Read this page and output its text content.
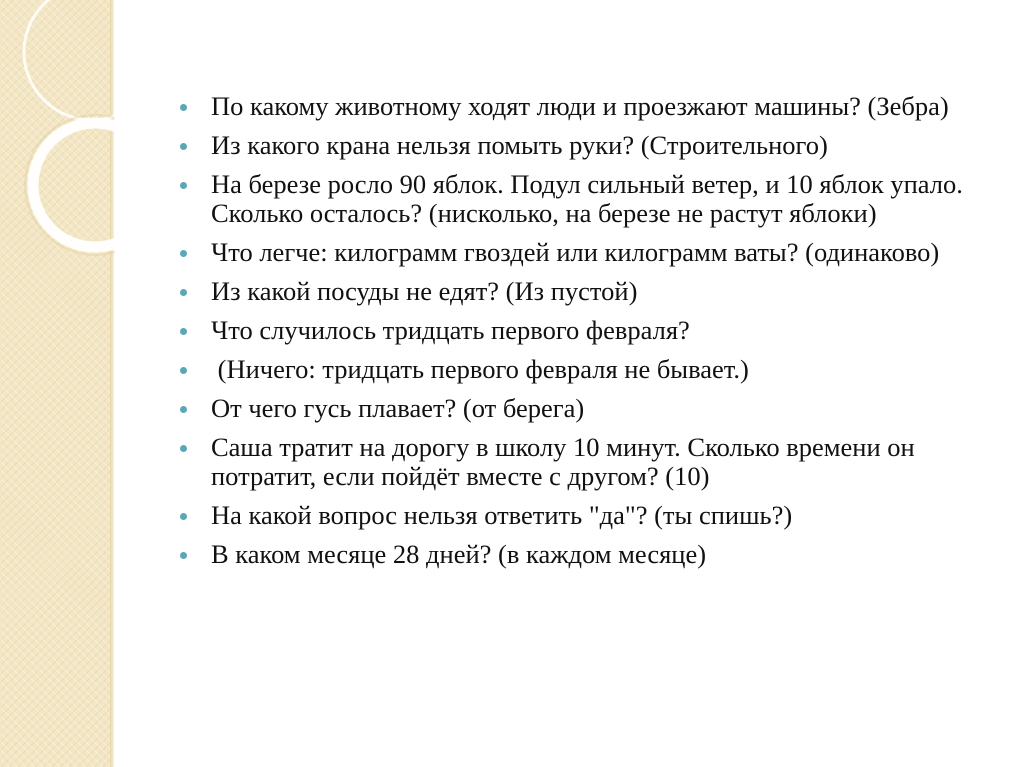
По какому животному ходят люди и проезжают машины? (Зебра)
Из какого крана нельзя помыть руки? (Строительного)
На березе росло 90 яблок. Подул сильный ветер, и 10 яблок упало. Сколько осталось? (нисколько, на березе не растут яблоки)
Что легче: килограмм гвоздей или килограмм ваты? (одинаково)
Из какой посуды не едят? (Из пустой)
Что случилось тридцать первого февраля?
(Ничего: тридцать первого февраля не бывает.)
От чего гусь плавает? (от берега)
Саша тратит на дорогу в школу 10 минут. Сколько времени он потратит, если пойдёт вместе с другом? (10)
На какой вопрос нельзя ответить "да"? (ты спишь?)
В каком месяце 28 дней? (в каждом месяце)
